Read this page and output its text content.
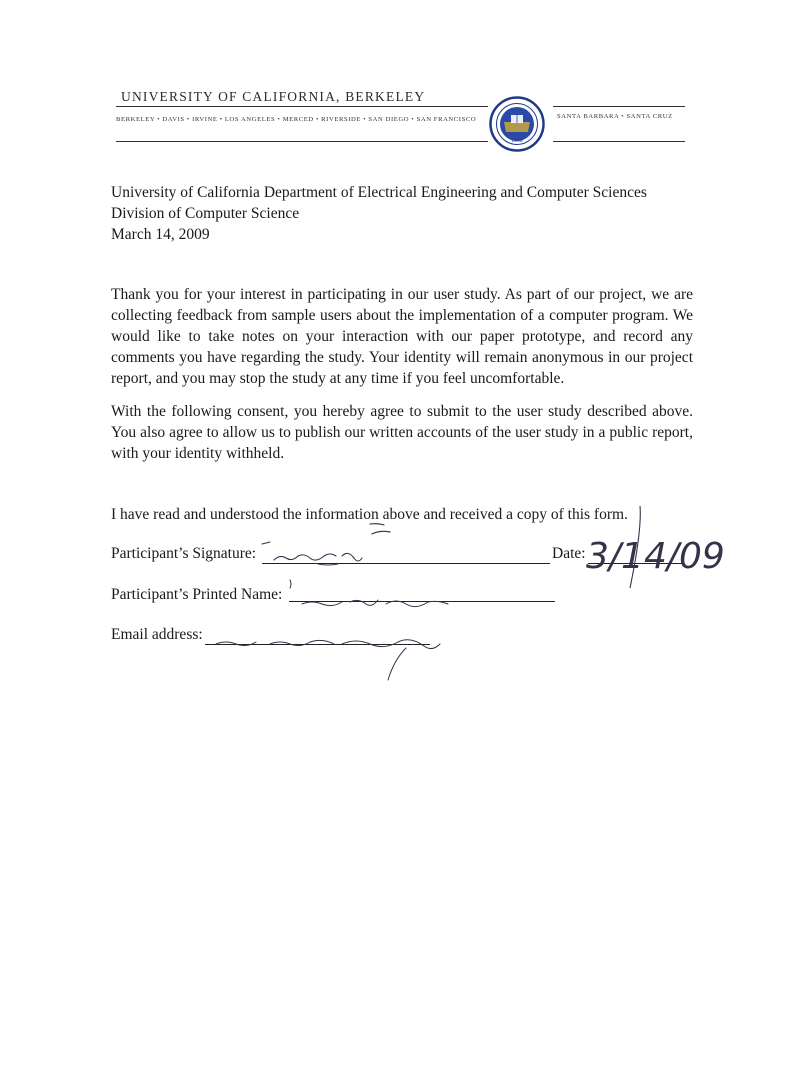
UNIVERSITY OF CALIFORNIA, BERKELEY
BERKELEY • DAVIS • IRVINE • LOS ANGELES • MERCED • RIVERSIDE • SAN DIEGO • SAN FRANCISCO
1868
SANTA BARBARA • SANTA CRUZ
University of California Department of Electrical Engineering and Computer Sciences
Division of Computer Science
March 14, 2009
Thank you for your interest in participating in our user study. As part of our project, we are collecting feedback from sample users about the implementation of a computer program. We would like to take notes on your interaction with our paper prototype, and record any comments you have regarding the study. Your identity will remain anonymous in our project report, and you may stop the study at any time if you feel uncomfortable.
With the following consent, you hereby agree to submit to the user study described above. You also agree to allow us to publish our written accounts of the user study in a public report, with your identity withheld.
I have read and understood the information above and received a copy of this form.
Participant’s Signature:	Date:
Participant’s Printed Name:
Email address:
3/14/09
